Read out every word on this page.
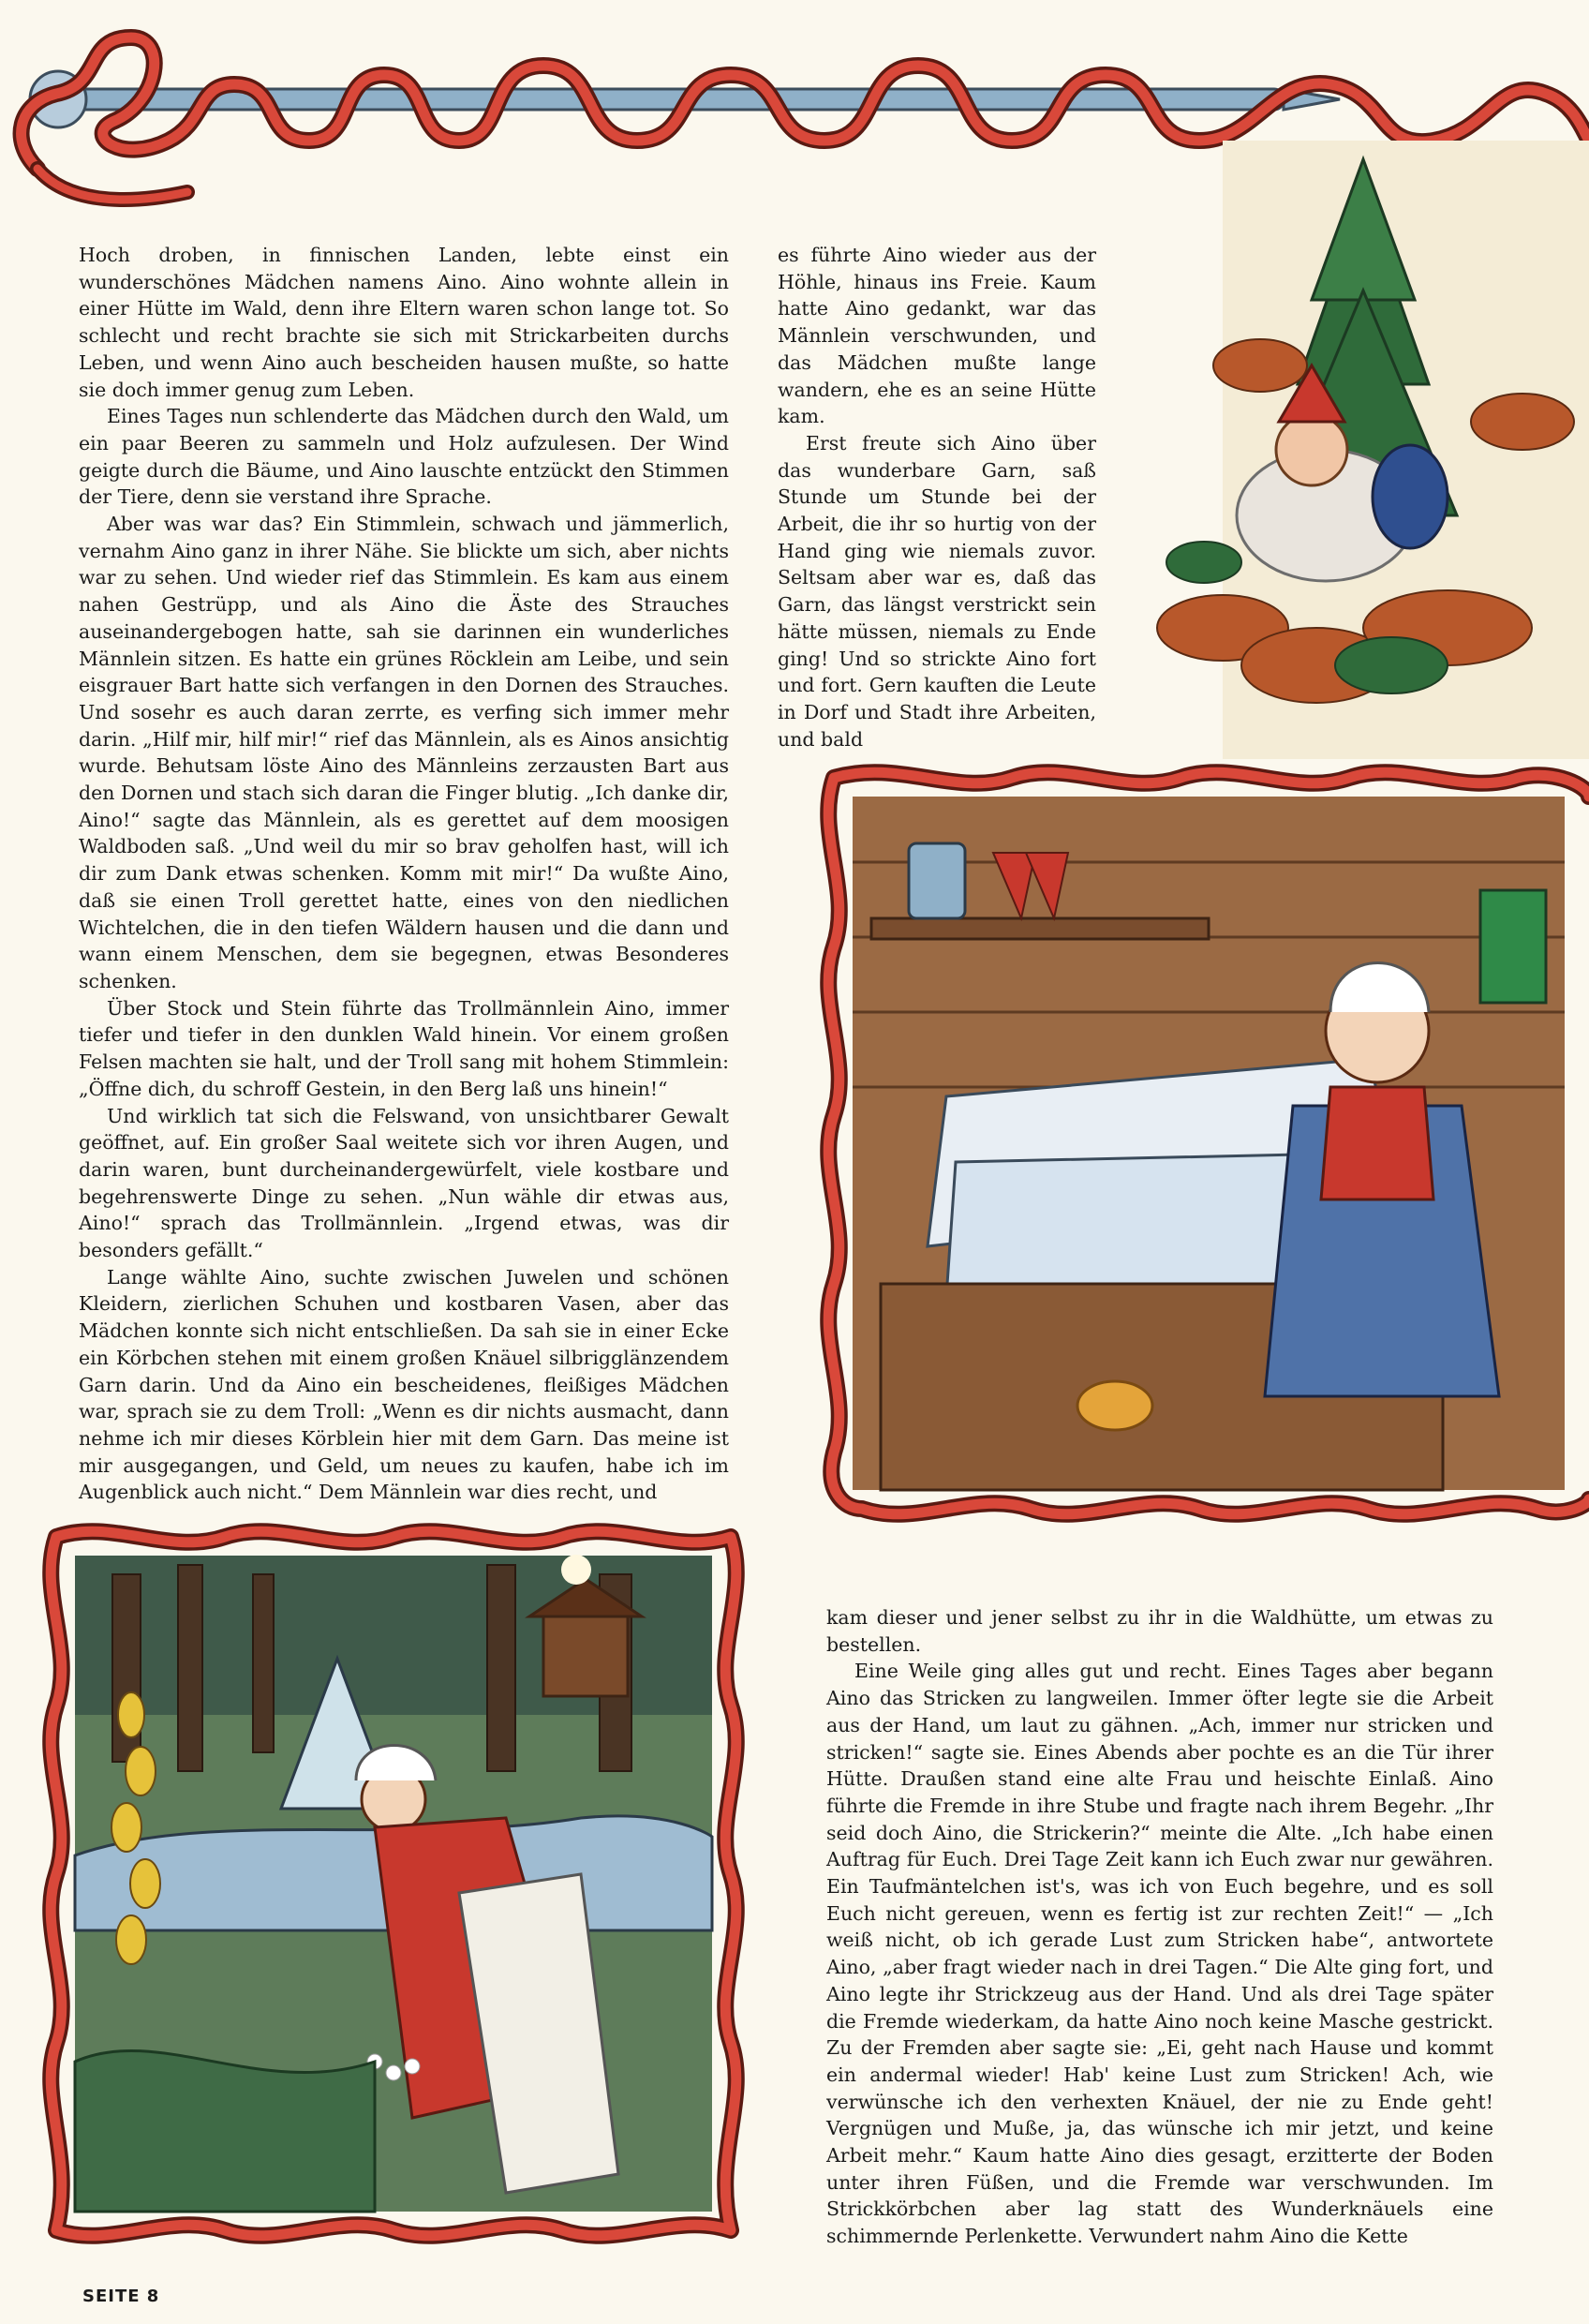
Hoch droben, in finnischen Landen, lebte einst ein wunderschönes Mädchen namens Aino. Aino wohnte allein in einer Hütte im Wald, denn ihre Eltern waren schon lange tot. So schlecht und recht brachte sie sich mit Strickarbeiten durchs Leben, und wenn Aino auch bescheiden hausen mußte, so hatte sie doch immer genug zum Leben.

Eines Tages nun schlenderte das Mädchen durch den Wald, um ein paar Beeren zu sammeln und Holz aufzulesen. Der Wind geigte durch die Bäume, und Aino lauschte entzückt den Stimmen der Tiere, denn sie verstand ihre Sprache.

Aber was war das? Ein Stimmlein, schwach und jämmerlich, vernahm Aino ganz in ihrer Nähe. Sie blickte um sich, aber nichts war zu sehen. Und wieder rief das Stimmlein. Es kam aus einem nahen Gestrüpp, und als Aino die Äste des Strauches auseinandergebogen hatte, sah sie darinnen ein wunderliches Männlein sitzen. Es hatte ein grünes Röcklein am Leibe, und sein eisgrauer Bart hatte sich verfangen in den Dornen des Strauches. Und sosehr es auch daran zerrte, es verfing sich immer mehr darin. „Hilf mir, hilf mir!“ rief das Männlein, als es Ainos ansichtig wurde. Behutsam löste Aino des Männleins zerzausten Bart aus den Dornen und stach sich daran die Finger blutig. „Ich danke dir, Aino!“ sagte das Männlein, als es gerettet auf dem moosigen Waldboden saß. „Und weil du mir so brav geholfen hast, will ich dir zum Dank etwas schenken. Komm mit mir!“ Da wußte Aino, daß sie einen Troll gerettet hatte, eines von den niedlichen Wichtelchen, die in den tiefen Wäldern hausen und die dann und wann einem Menschen, dem sie begegnen, etwas Besonderes schenken.

Über Stock und Stein führte das Trollmännlein Aino, immer tiefer und tiefer in den dunklen Wald hinein. Vor einem großen Felsen machten sie halt, und der Troll sang mit hohem Stimmlein: „Öffne dich, du schroff Gestein, in den Berg laß uns hinein!“

Und wirklich tat sich die Felswand, von unsichtbarer Gewalt geöffnet, auf. Ein großer Saal weitete sich vor ihren Augen, und darin waren, bunt durcheinandergewürfelt, viele kostbare und begehrenswerte Dinge zu sehen. „Nun wähle dir etwas aus, Aino!“ sprach das Trollmännlein. „Irgend etwas, was dir besonders gefällt.“

Lange wählte Aino, suchte zwischen Juwelen und schönen Kleidern, zierlichen Schuhen und kostbaren Vasen, aber das Mädchen konnte sich nicht entschließen. Da sah sie in einer Ecke ein Körbchen stehen mit einem großen Knäuel silbrigglänzendem Garn darin. Und da Aino ein bescheidenes, fleißiges Mädchen war, sprach sie zu dem Troll: „Wenn es dir nichts ausmacht, dann nehme ich mir dieses Körblein hier mit dem Garn. Das meine ist mir ausgegangen, und Geld, um neues zu kaufen, habe ich im Augenblick auch nicht.“ Dem Männlein war dies recht, und

es führte Aino wieder aus der Höhle, hinaus ins Freie. Kaum hatte Aino gedankt, war das Männlein verschwunden, und das Mädchen mußte lange wandern, ehe es an seine Hütte kam.

Erst freute sich Aino über das wunderbare Garn, saß Stunde um Stunde bei der Arbeit, die ihr so hurtig von der Hand ging wie niemals zuvor. Seltsam aber war es, daß das Garn, das längst verstrickt sein hätte müssen, niemals zu Ende ging! Und so strickte Aino fort und fort. Gern kauften die Leute in Dorf und Stadt ihre Arbeiten, und bald

kam dieser und jener selbst zu ihr in die Waldhütte, um etwas zu bestellen.

Eine Weile ging alles gut und recht. Eines Tages aber begann Aino das Stricken zu langweilen. Immer öfter legte sie die Arbeit aus der Hand, um laut zu gähnen. „Ach, immer nur stricken und stricken!“ sagte sie. Eines Abends aber pochte es an die Tür ihrer Hütte. Draußen stand eine alte Frau und heischte Einlaß. Aino führte die Fremde in ihre Stube und fragte nach ihrem Begehr. „Ihr seid doch Aino, die Strickerin?“ meinte die Alte. „Ich habe einen Auftrag für Euch. Drei Tage Zeit kann ich Euch zwar nur gewähren. Ein Taufmäntelchen ist's, was ich von Euch begehre, und es soll Euch nicht gereuen, wenn es fertig ist zur rechten Zeit!“ — „Ich weiß nicht, ob ich gerade Lust zum Stricken habe“, antwortete Aino, „aber fragt wieder nach in drei Tagen.“ Die Alte ging fort, und Aino legte ihr Strickzeug aus der Hand. Und als drei Tage später die Fremde wiederkam, da hatte Aino noch keine Masche gestrickt. Zu der Fremden aber sagte sie: „Ei, geht nach Hause und kommt ein andermal wieder! Hab' keine Lust zum Stricken! Ach, wie verwünsche ich den verhexten Knäuel, der nie zu Ende geht! Vergnügen und Muße, ja, das wünsche ich mir jetzt, und keine Arbeit mehr.“ Kaum hatte Aino dies gesagt, erzitterte der Boden unter ihren Füßen, und die Fremde war verschwunden. Im Strickkörbchen aber lag statt des Wunderknäuels eine schimmernde Perlenkette. Verwundert nahm Aino die Kette

SEITE 8
